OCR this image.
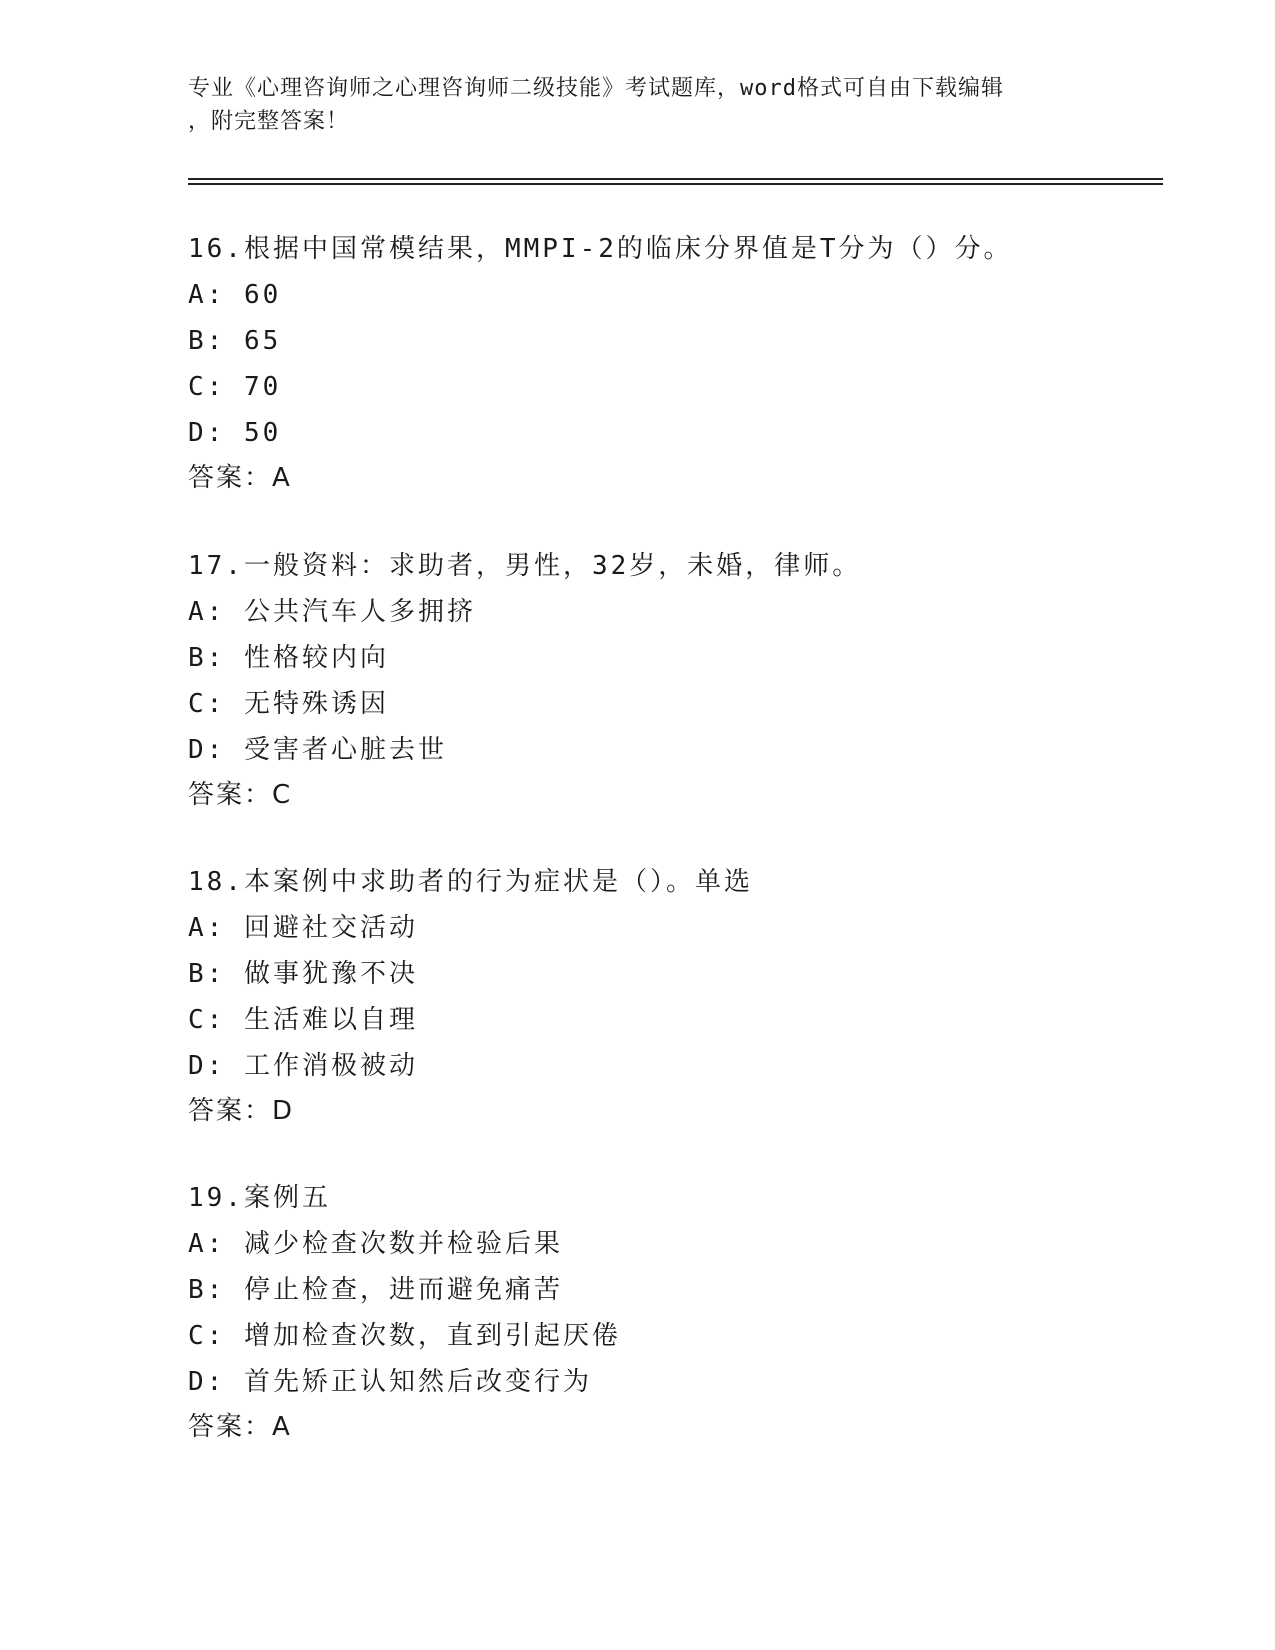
专业《心理咨询师之心理咨询师二级技能》考试题库，word格式可自由下载编辑
，附完整答案！
16.根据中国常模结果，MMPI-2的临床分界值是T分为（）分。
A: 60
B: 65
C: 70
D: 50
答案：A
17.一般资料：求助者，男性，32岁，未婚，律师。
A: 公共汽车人多拥挤
B: 性格较内向
C: 无特殊诱因
D: 受害者心脏去世
答案：C
18.本案例中求助者的行为症状是（）。单选
A: 回避社交活动
B: 做事犹豫不决
C: 生活难以自理
D: 工作消极被动
答案：D
19.案例五
A: 减少检查次数并检验后果
B: 停止检查，进而避免痛苦
C: 增加检查次数，直到引起厌倦
D: 首先矫正认知然后改变行为
答案：A
